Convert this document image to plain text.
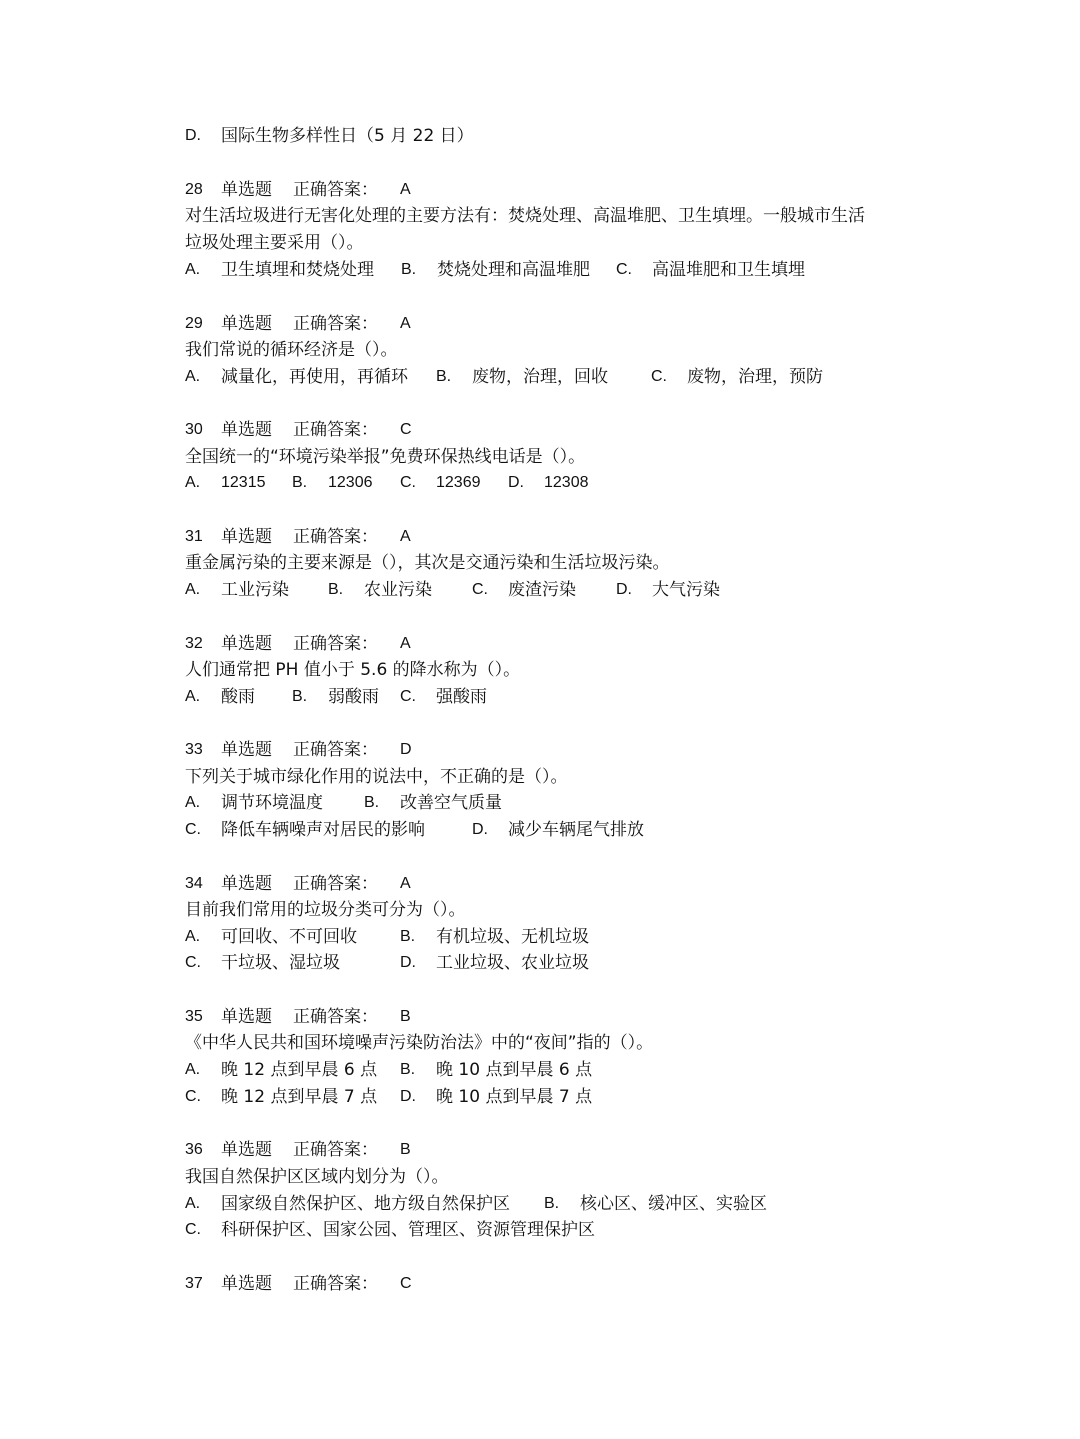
D. 国际生物多样性日（5 月 22 日）
28 单选题 正确答案： A
对生活垃圾进行无害化处理的主要方法有：焚烧处理、高温堆肥、卫生填埋。一般城市生活
垃圾处理主要采用（）。
A. 卫生填埋和焚烧处理 B. 焚烧处理和高温堆肥 C. 高温堆肥和卫生填埋
29 单选题 正确答案： A
我们常说的循环经济是（）。
A. 减量化，再使用，再循环 B. 废物，治理，回收	C. 废物，治理，预防
30 单选题 正确答案： C
全国统一的“环境污染举报”免费环保热线电话是（）。
A. 12315 B. 12306 C. 12369 D. 12308
31 单选题 正确答案： A
重金属污染的主要来源是（），其次是交通污染和生活垃圾污染。
A. 工业污染 B. 农业污染	C. 废渣污染	D. 大气污染
32 单选题 正确答案： A
人们通常把 PH 值小于 5.6 的降水称为（）。
A. 酸雨 B. 弱酸雨 C. 强酸雨
33 单选题 正确答案： D
下列关于城市绿化作用的说法中，不正确的是（）。
A. 调节环境温度	B. 改善空气质量
C. 降低车辆噪声对居民的影响	D. 减少车辆尾气排放
34 单选题 正确答案： A
目前我们常用的垃圾分类可分为（）。
A. 可回收、不可回收	B. 有机垃圾、无机垃圾
C. 干垃圾、湿垃圾	D. 工业垃圾、农业垃圾
35 单选题 正确答案： B
《中华人民共和国环境噪声污染防治法》中的“夜间”指的（）。
A. 晚 12 点到早晨 6 点 B. 晚 10 点到早晨 6 点
C. 晚 12 点到早晨 7 点 D. 晚 10 点到早晨 7 点
36 单选题 正确答案： B
我国自然保护区区域内划分为（）。
A. 国家级自然保护区、地方级自然保护区 B. 核心区、缓冲区、实验区
C. 科研保护区、国家公园、管理区、资源管理保护区
37 单选题 正确答案： C
